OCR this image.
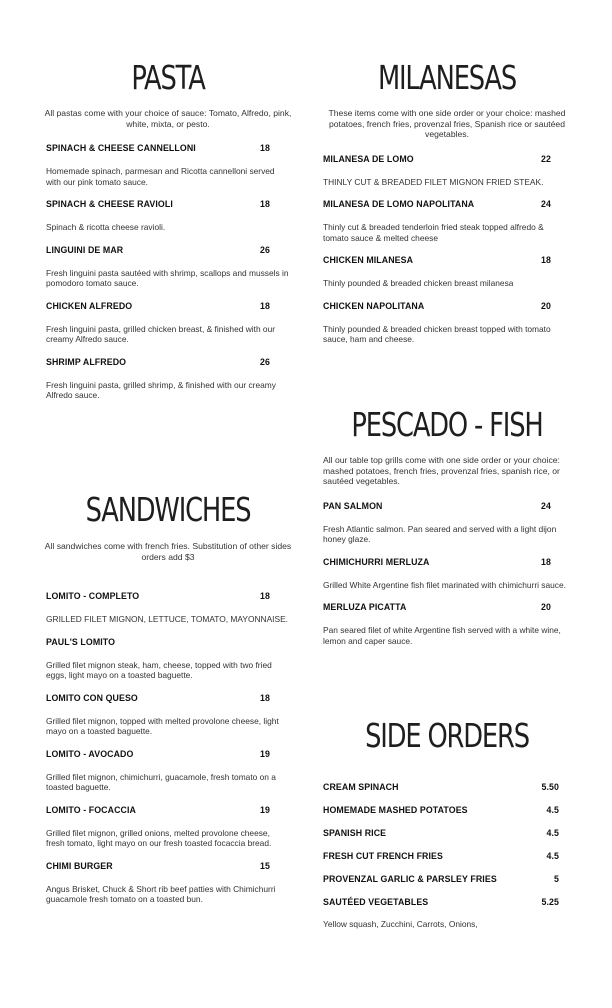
PASTA
All pastas come with your choice of sauce: Tomato, Alfredo, pink, white, mixta, or pesto.
SPINACH & CHEESE CANNELLONI	18
Homemade spinach, parmesan and Ricotta cannelloni served with our pink tomato sauce.
SPINACH & CHEESE RAVIOLI	18
Spinach & ricotta cheese ravioli.
LINGUINI DE MAR	26
Fresh linguini pasta sautéed with shrimp, scallops and mussels in pomodoro tomato sauce.
CHICKEN ALFREDO	18
Fresh linguini pasta, grilled chicken breast, & finished with our creamy Alfredo sauce.
SHRIMP ALFREDO	26
Fresh linguini pasta, grilled shrimp, & finished with our creamy Alfredo sauce.
SANDWICHES
All sandwiches come with french fries. Substitution of other sides orders add $3
LOMITO - COMPLETO	18
GRILLED FILET MIGNON, LETTUCE, TOMATO, MAYONNAISE.
PAUL'S LOMITO
Grilled filet mignon steak, ham, cheese, topped with two fried eggs, light mayo on a toasted baguette.
LOMITO CON QUESO	18
Grilled filet mignon, topped with melted provolone cheese, light mayo on a toasted baguette.
LOMITO - AVOCADO	19
Grilled filet mignon, chimichurri, guacamole, fresh tomato on a toasted baguette.
LOMITO - FOCACCIA	19
Grilled filet mignon, grilled onions, melted provolone cheese, fresh tomato, light mayo on our fresh toasted focaccia bread.
CHIMI BURGER	15
Angus Brisket, Chuck & Short rib beef patties with Chimichurri guacamole fresh tomato on a toasted bun.
MILANESAS
These items come with one side order or your choice: mashed potatoes, french fries, provenzal fries, Spanish rice or sautéed vegetables.
MILANESA DE LOMO	22
THINLY CUT & BREADED FILET MIGNON FRIED STEAK.
MILANESA DE LOMO NAPOLITANA	24
Thinly cut & breaded tenderloin fried steak topped alfredo & tomato sauce & melted cheese
CHICKEN MILANESA	18
Thinly pounded & breaded chicken breast milanesa
CHICKEN NAPOLITANA	20
Thinly pounded & breaded chicken breast topped with tomato sauce, ham and cheese.
PESCADO - FISH
All our table top grills come with one side order or your choice: mashed potatoes, french fries, provenzal fries, spanish rice, or sautéed vegetables.
PAN SALMON	24
Fresh Atlantic salmon. Pan seared and served with a light dijon honey glaze.
CHIMICHURRI MERLUZA	18
Grilled White Argentine fish filet marinated with chimichurri sauce.
MERLUZA PICATTA	20
Pan seared filet of white Argentine fish served with a white wine, lemon and caper sauce.
SIDE ORDERS
CREAM SPINACH	5.50
HOMEMADE MASHED POTATOES	4.5
SPANISH RICE	4.5
FRESH CUT FRENCH FRIES	4.5
PROVENZAL GARLIC & PARSLEY FRIES	5
SAUTÉED VEGETABLES	5.25
Yellow squash, Zucchini, Carrots, Onions,
